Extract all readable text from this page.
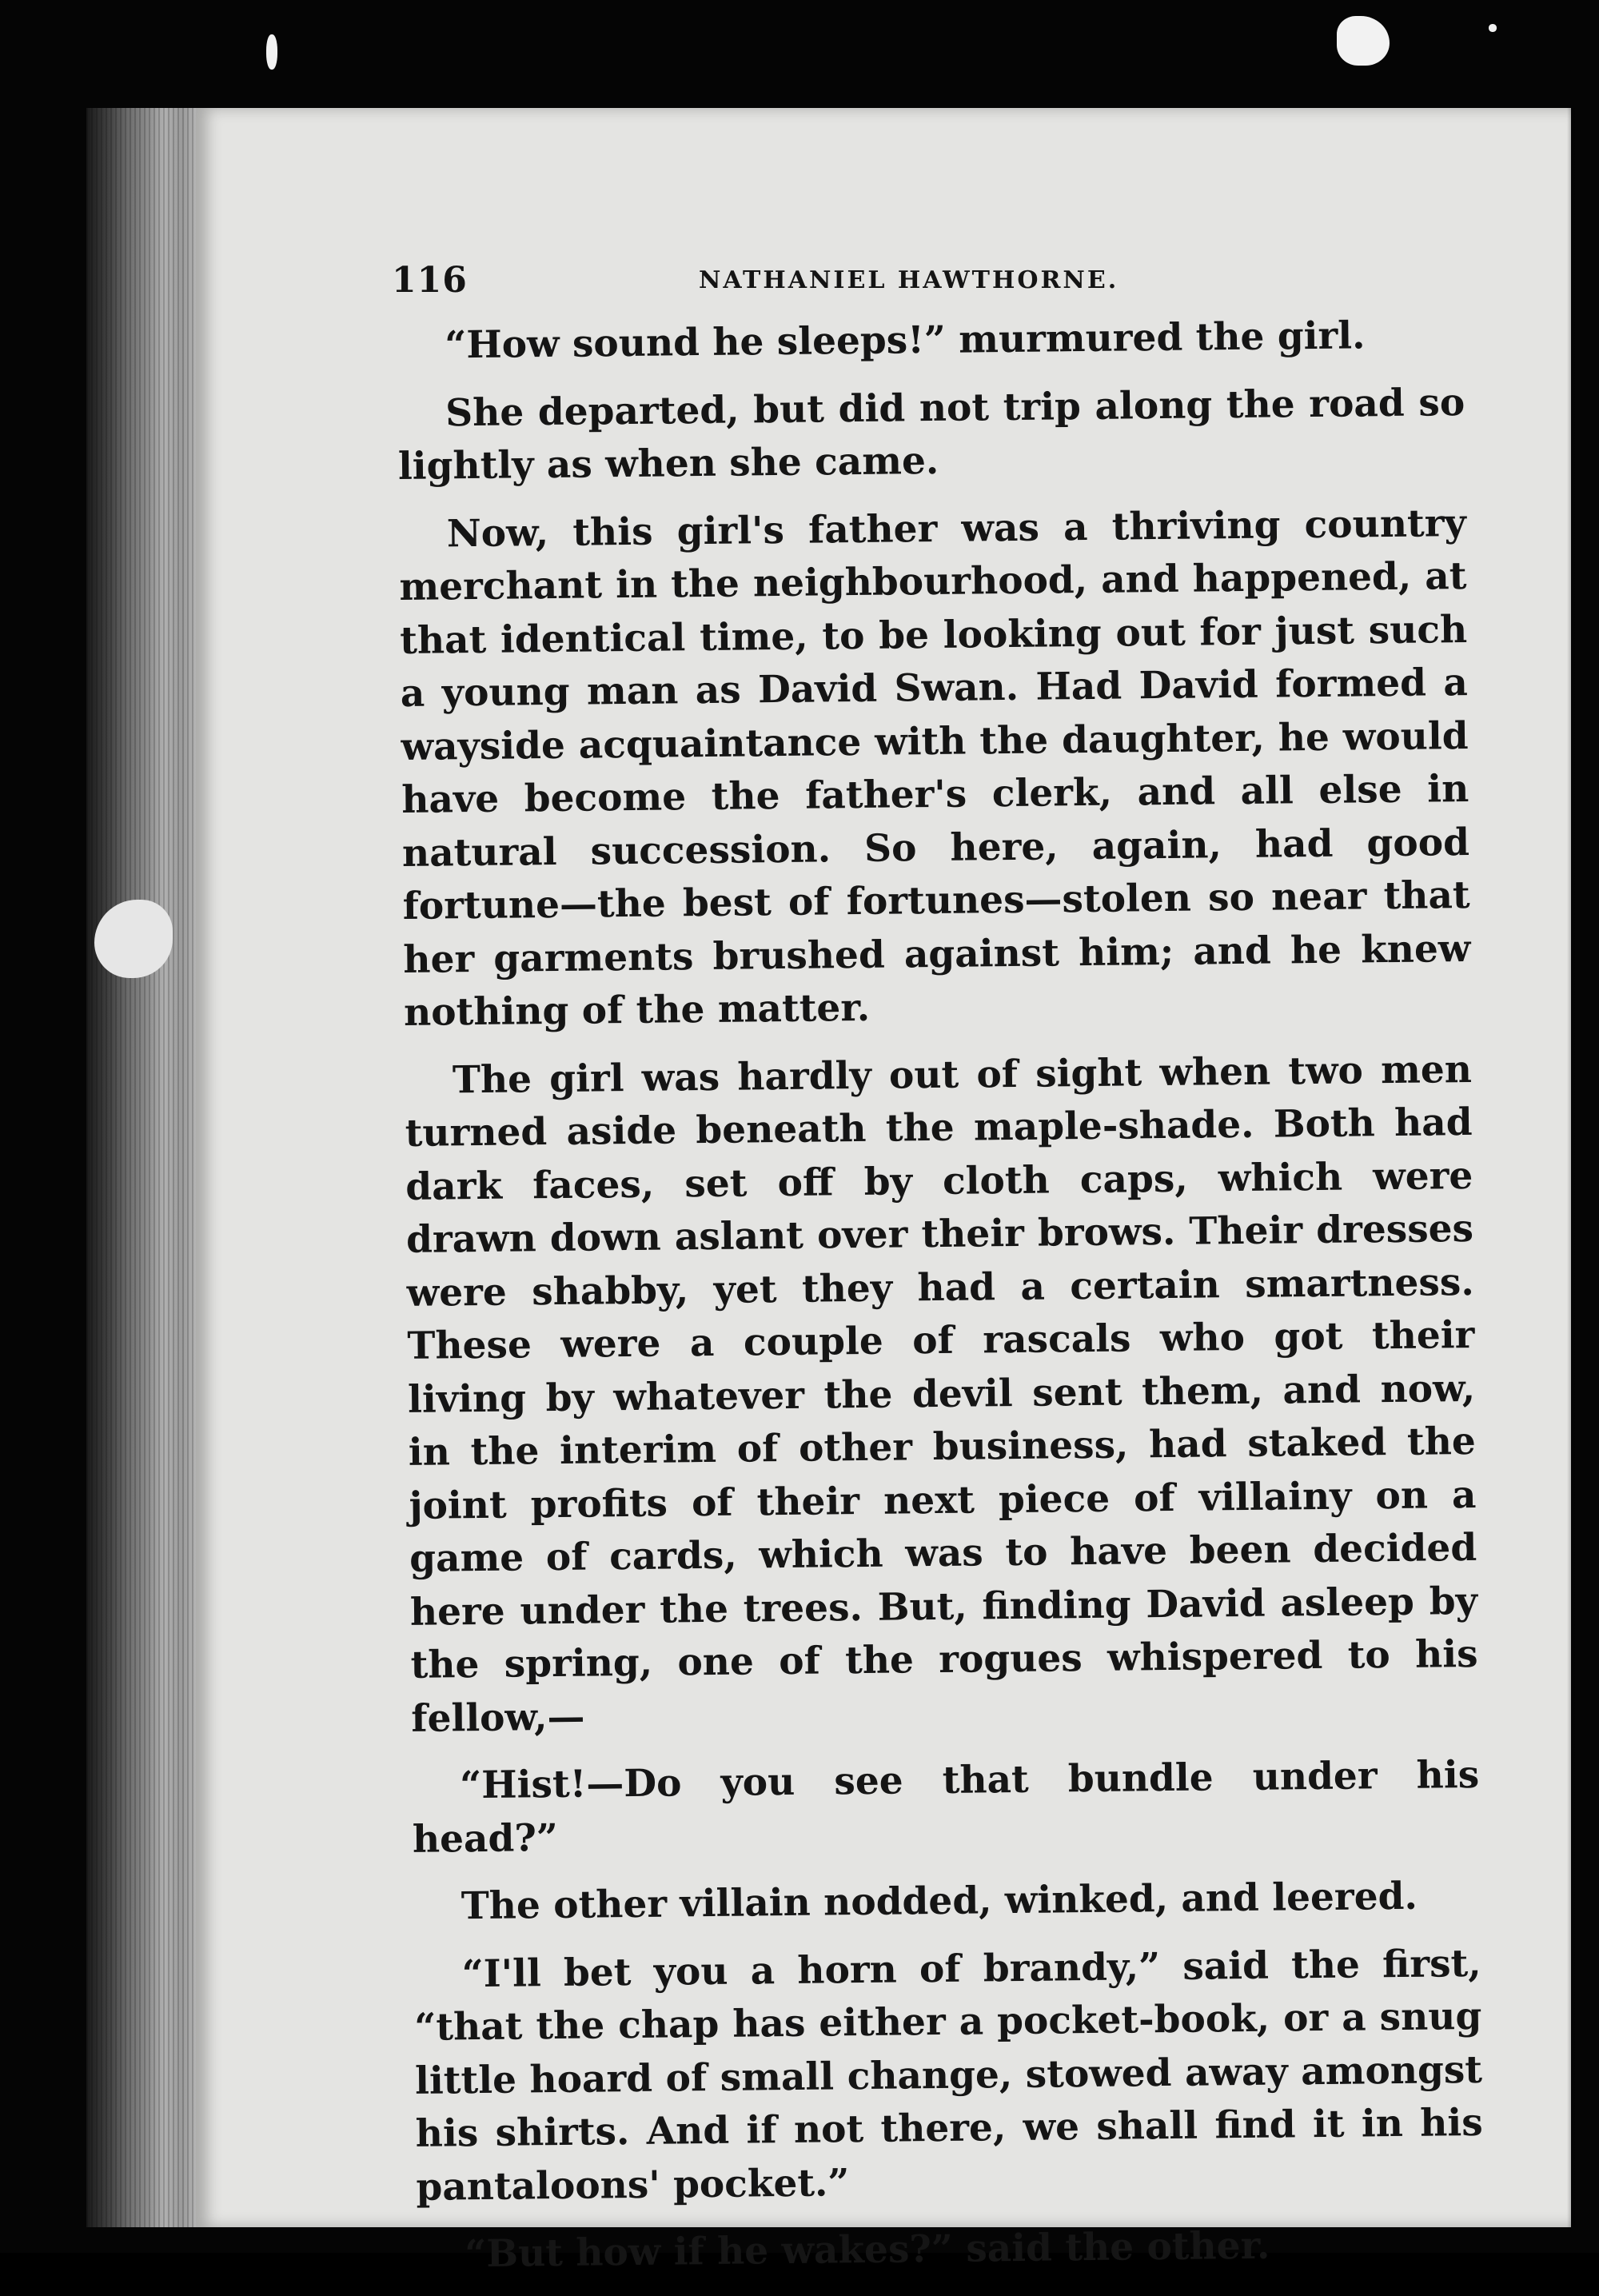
116	NATHANIEL HAWTHORNE.

“How sound he sleeps!” murmured the girl.

She departed, but did not trip along the road so lightly as when she came.

Now, this girl's father was a thriving country merchant in the neighbourhood, and happened, at that identical time, to be looking out for just such a young man as David Swan. Had David formed a wayside acquaintance with the daughter, he would have become the father's clerk, and all else in natural succession. So here, again, had good fortune—the best of fortunes—stolen so near that her garments brushed against him; and he knew nothing of the matter.

The girl was hardly out of sight when two men turned aside beneath the maple-shade. Both had dark faces, set off by cloth caps, which were drawn down aslant over their brows. Their dresses were shabby, yet they had a certain smartness. These were a couple of rascals who got their living by whatever the devil sent them, and now, in the interim of other business, had staked the joint profits of their next piece of villainy on a game of cards, which was to have been decided here under the trees. But, finding David asleep by the spring, one of the rogues whispered to his fellow,—

“Hist!—Do you see that bundle under his head?”

The other villain nodded, winked, and leered.

“I'll bet you a horn of brandy,” said the first, “that the chap has either a pocket-book, or a snug little hoard of small change, stowed away amongst his shirts. And if not there, we shall find it in his pantaloons' pocket.”

“But how if he wakes?” said the other.
